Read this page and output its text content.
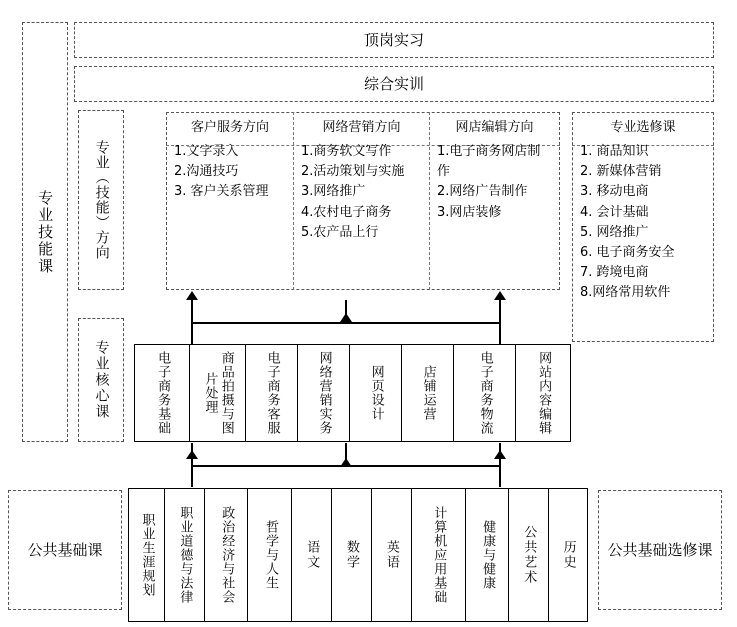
顶岗实习
综合实训
专业技能课	专业（技能）方向
专业核心课
客户服务方向
1.文字录入
2.沟通技巧
3. 客户关系管理
网络营销方向
1.商务软文写作
2.活动策划与实施
3.网络推广
4.农村电子商务
5.农产品上行
网店编辑方向
1.电子商务网店制作
2.网络广告制作
3.网店装修
专业选修课
1. 商品知识
2. 新媒体营销
3. 移动电商
4. 会计基础
5. 网络推广
6. 电子商务安全
7. 跨境电商
8.网络常用软件
电子商务基础	商品拍摄与图片处理	电子商务客服	网络营销实务	网页设计	店铺运营	电子商务物流	网站内容编辑
公共基础课	公共基础选修课
职业生涯规划 职业道德与法律 政治经济与社会 哲学与人生 语文 数学 英语 计算机应用基础	健康与健康 公共艺术 历史
